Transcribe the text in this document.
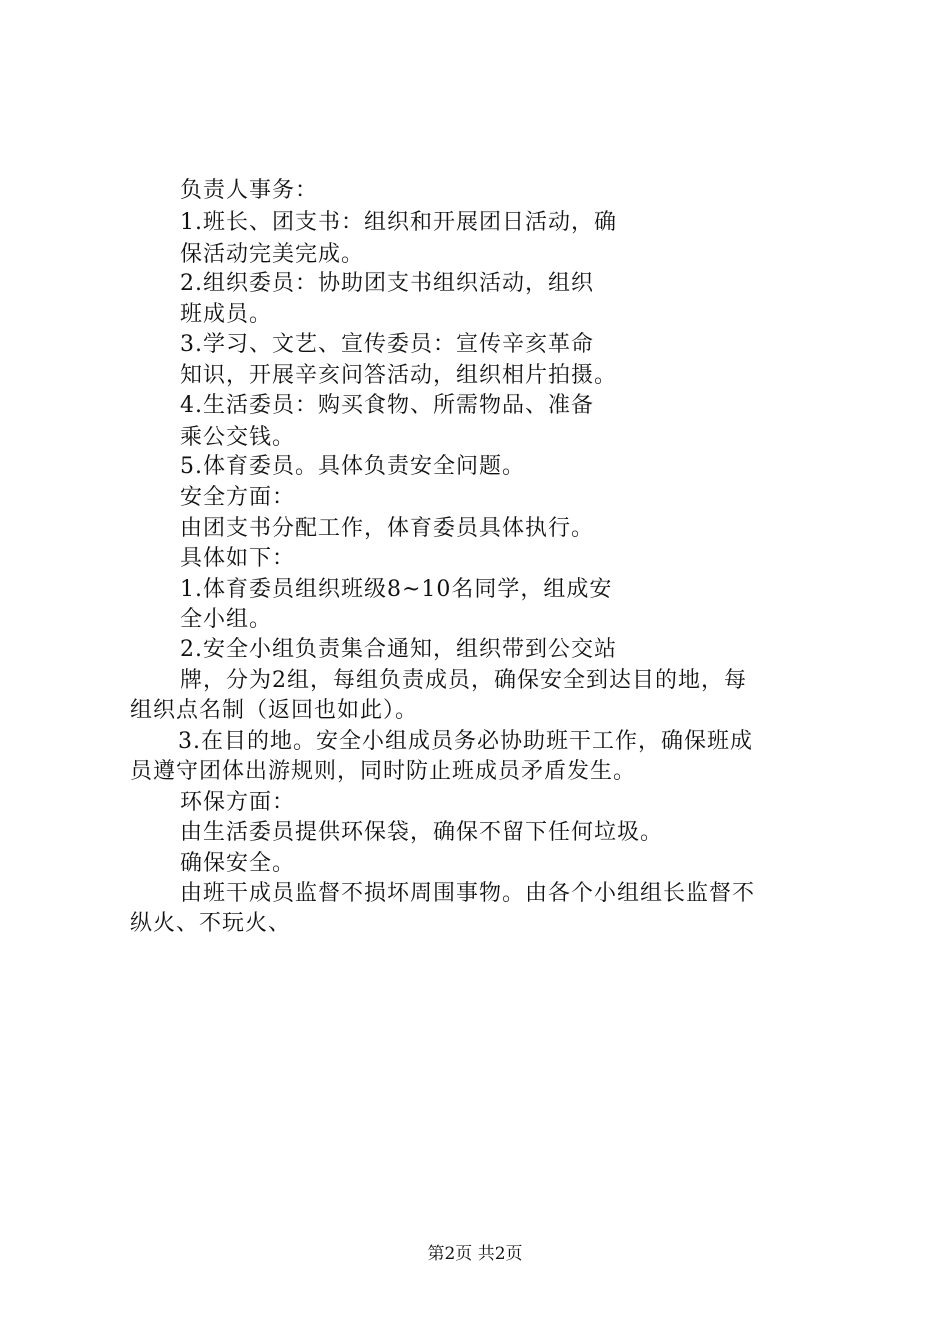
负责人事务：
1.班长、团支书：组织和开展团日活动，确
保活动完美完成。
2.组织委员：协助团支书组织活动，组织
班成员。
3.学习、文艺、宣传委员：宣传辛亥革命
知识，开展辛亥问答活动，组织相片拍摄。
4.生活委员：购买食物、所需物品、准备
乘公交钱。
5.体育委员。具体负责安全问题。
安全方面：
由团支书分配工作，体育委员具体执行。
具体如下：
1.体育委员组织班级8~10名同学，组成安
全小组。
2.安全小组负责集合通知，组织带到公交站
牌，分为2组，每组负责成员，确保安全到达目的地，每
组织点名制（返回也如此）。
3.在目的地。安全小组成员务必协助班干工作，确保班成
员遵守团体出游规则，同时防止班成员矛盾发生。
环保方面：
由生活委员提供环保袋，确保不留下任何垃圾。
确保安全。
由班干成员监督不损坏周围事物。由各个小组组长监督不
纵火、不玩火、
第2页 共2页
